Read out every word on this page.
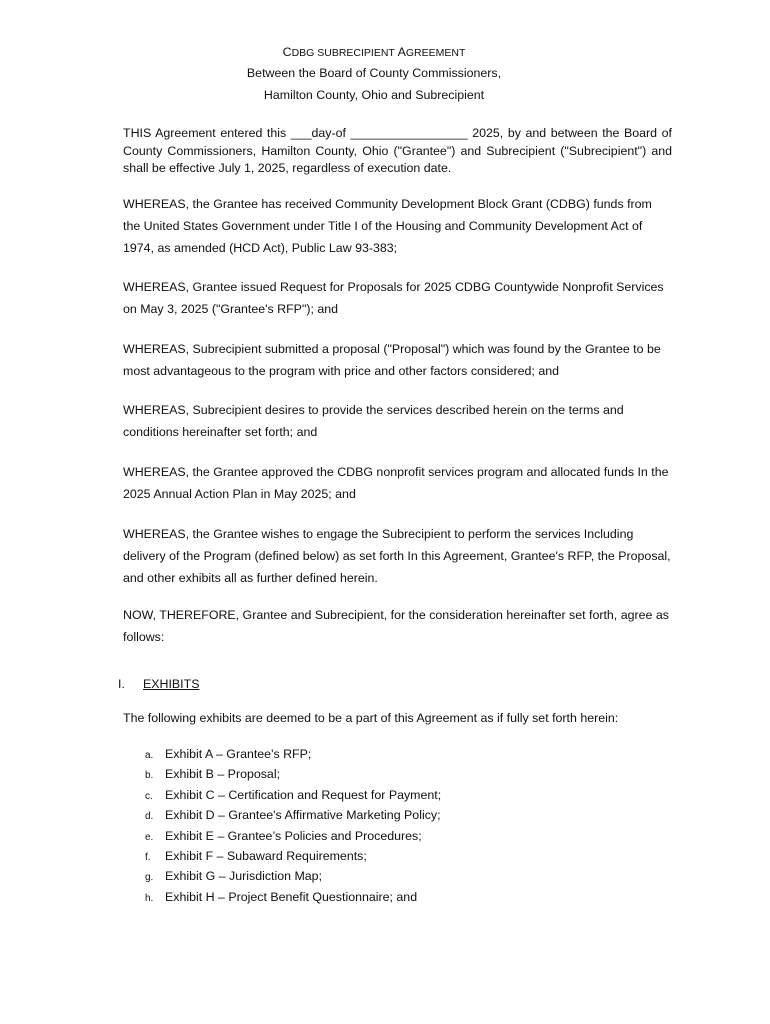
CDBG SUBRECIPIENT AGREEMENT
Between the Board of County Commissioners,
Hamilton County, Ohio and Subrecipient
THIS Agreement entered this ___day-of _________________ 2025, by and between the Board of County Commissioners, Hamilton County, Ohio ("Grantee") and Subrecipient ("Subrecipient") and shall be effective July 1, 2025, regardless of execution date.
WHEREAS, the Grantee has received Community Development Block Grant (CDBG) funds from the United States Government under Title I of the Housing and Community Development Act of 1974, as amended (HCD Act), Public Law 93-383;
WHEREAS, Grantee issued Request for Proposals for 2025 CDBG Countywide Nonprofit Services on May 3, 2025 ("Grantee's RFP"); and
WHEREAS, Subrecipient submitted a proposal ("Proposal") which was found by the Grantee to be most advantageous to the program with price and other factors considered; and
WHEREAS, Subrecipient desires to provide the services described herein on the terms and conditions hereinafter set forth; and
WHEREAS, the Grantee approved the CDBG nonprofit services program and allocated funds In the 2025 Annual Action Plan in May 2025; and
WHEREAS, the Grantee wishes to engage the Subrecipient to perform the services Including delivery of the Program (defined below) as set forth In this Agreement, Grantee's RFP, the Proposal, and other exhibits all as further defined herein.
NOW, THEREFORE, Grantee and Subrecipient, for the consideration hereinafter set forth, agree as follows:
I. EXHIBITS
The following exhibits are deemed to be a part of this Agreement as if fully set forth herein:
a. Exhibit A – Grantee's RFP;
b. Exhibit B – Proposal;
c. Exhibit C – Certification and Request for Payment;
d. Exhibit D – Grantee's Affirmative Marketing Policy;
e. Exhibit E – Grantee’s Policies and Procedures;
f. Exhibit F – Subaward Requirements;
g. Exhibit G – Jurisdiction Map;
h. Exhibit H – Project Benefit Questionnaire; and
